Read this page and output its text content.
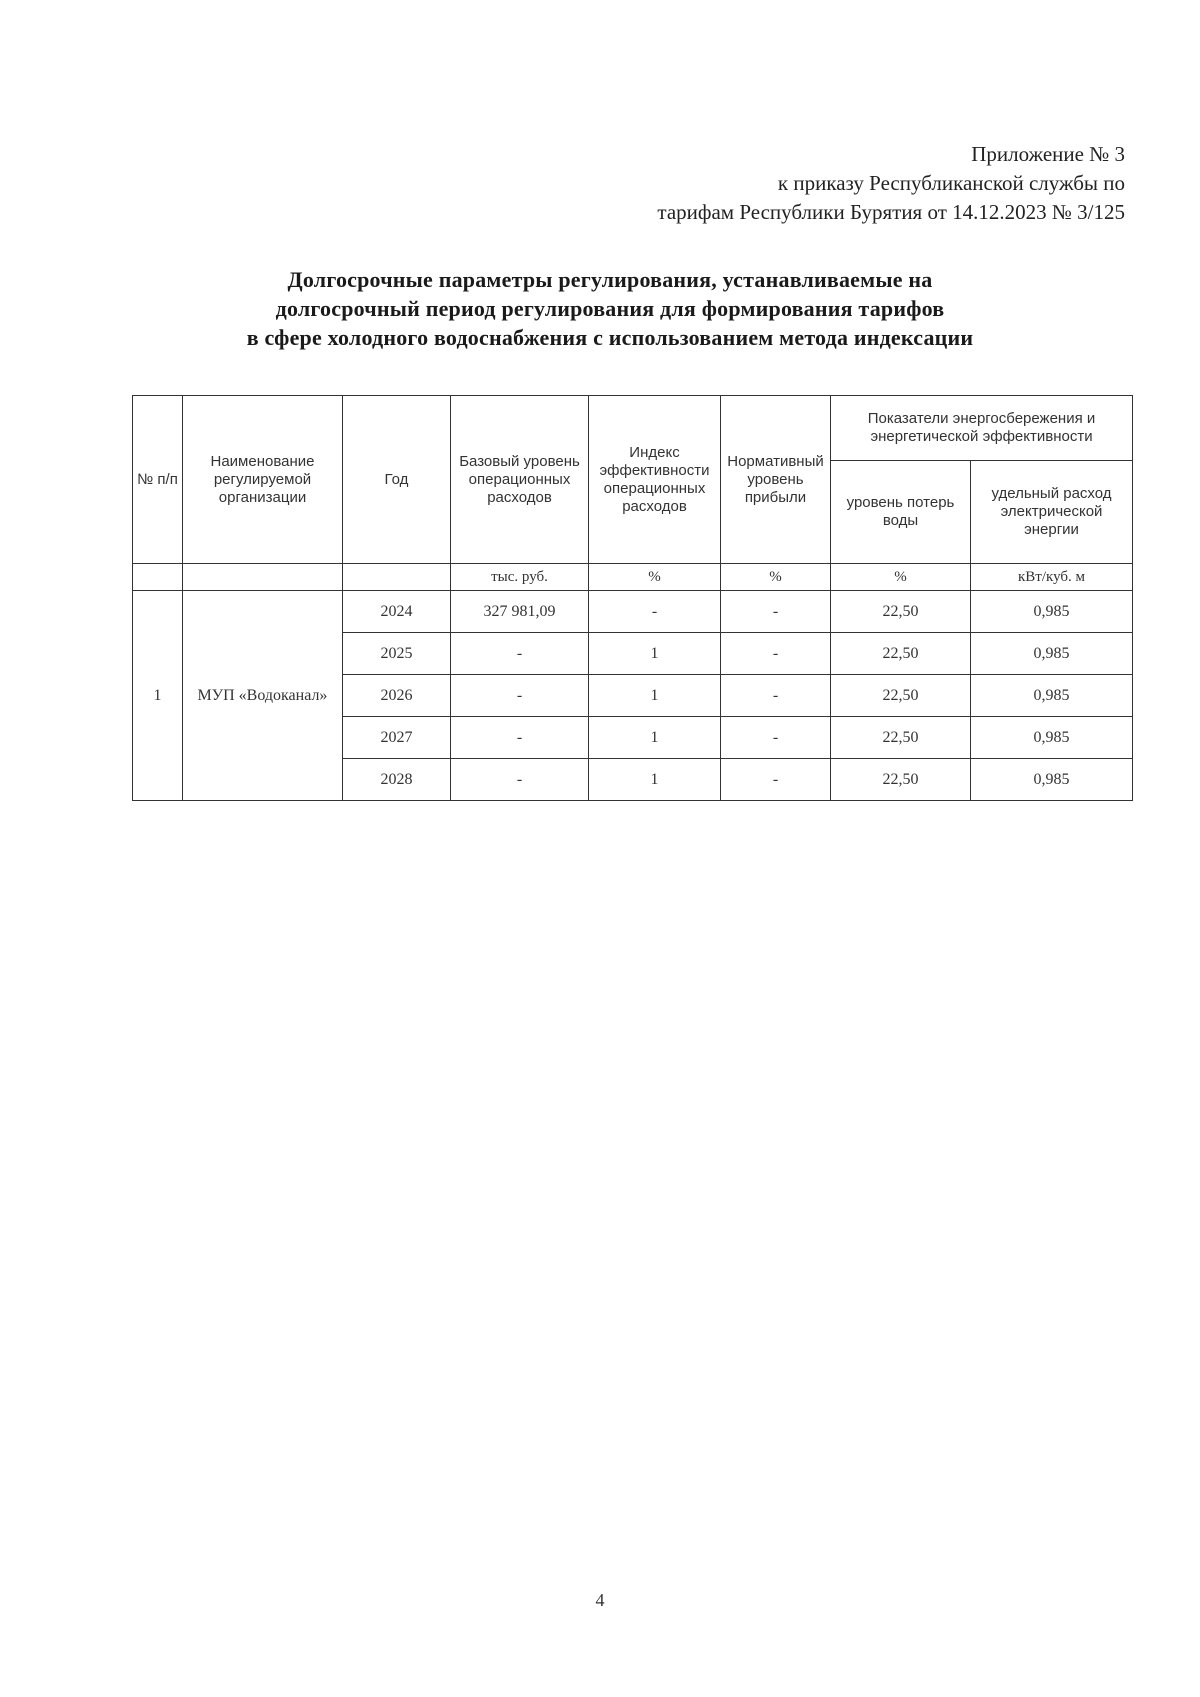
Приложение № 3
к приказу Республиканской службы по
тарифам Республики Бурятия от 14.12.2023 № 3/125
Долгосрочные параметры регулирования, устанавливаемые на
долгосрочный период регулирования для формирования тарифов
в сфере холодного водоснабжения с использованием метода индексации
№ п/п	Наименование регулируемой организации	Год	Базовый уровень операционных расходов	Индекс эффективности операционных расходов	Нормативный уровень прибыли	Показатели энергосбережения и энергетической эффективности	
						уровень потерь воды	удельный расход электрической энергии
			тыс. руб.	%	%	%	кВт/куб. м
1	МУП «Водоканал»	2024	327 981,09	-	-	22,50	0,985
		2025	-	1	-	22,50	0,985
		2026	-	1	-	22,50	0,985
		2027	-	1	-	22,50	0,985
		2028	-	1	-	22,50	0,985
4
